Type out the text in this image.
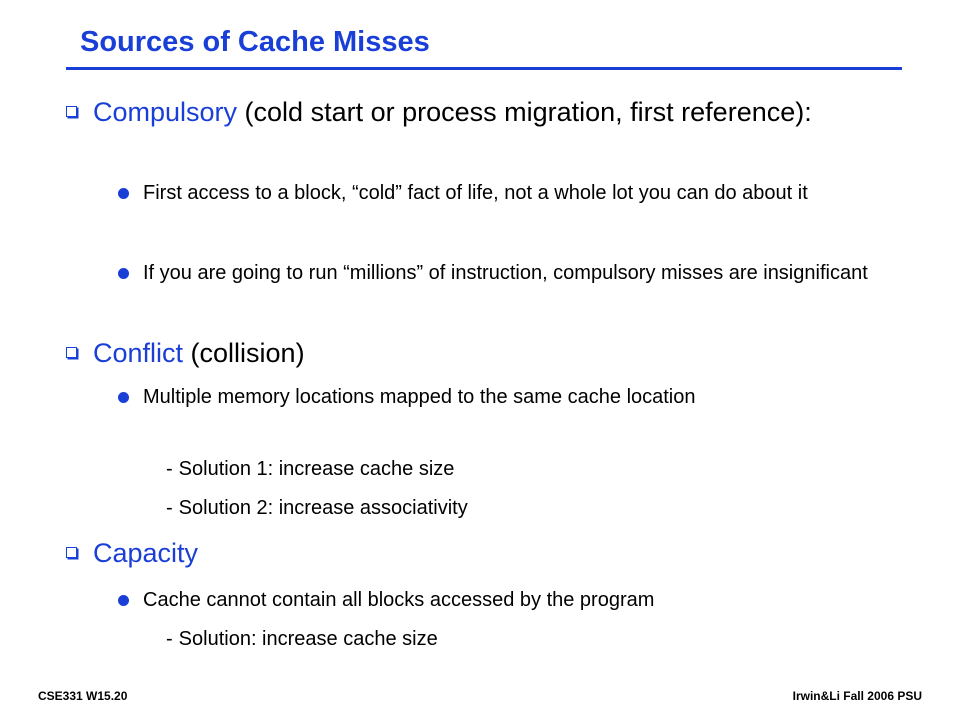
Sources of Cache Misses
Compulsory (cold start or process migration, first reference):
First access to a block, “cold” fact of life, not a whole lot you can do about it
If you are going to run “millions” of instruction, compulsory misses are insignificant
Conflict (collision)
Multiple memory locations mapped to the same cache location
- Solution 1: increase cache size
- Solution 2: increase associativity
Capacity
Cache cannot contain all blocks accessed by the program
- Solution: increase cache size
CSE331 W15.20	Irwin&Li Fall 2006 PSU
